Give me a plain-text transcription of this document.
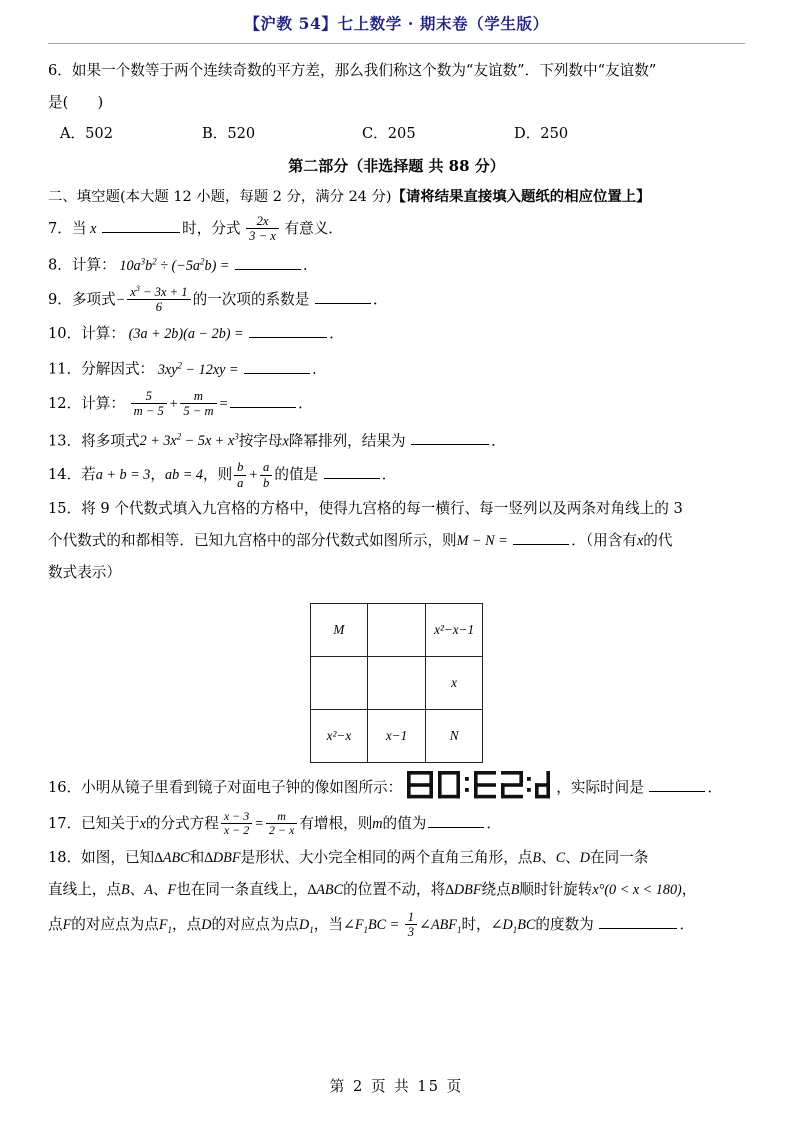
【沪教 54】七上数学 · 期末卷（学生版）
6．如果一个数等于两个连续奇数的平方差，那么我们称这个数为“友谊数”．下列数中“友谊数”
是(　　)
A．502	B．520	C．205	D．250
第二部分（非选择题 共 88 分）
二、填空题(本大题 12 小题，每题 2 分，满分 24 分)【请将结果直接填入题纸的相应位置上】
7．当 x	时，分式 $\frac{2x}{3 - x}$ 有意义．
8．计算： $10a^3b^2 \div (-5a^2b)$ =	．
9．多项式− $\frac{x^3 - 3x + 1}{6}$ 的一次项的系数是	．
10．计算： (3a + 2b)(a − 2b) =	．
11．分解因式： $3xy^2 - 12xy$ =	．
12．计算： $\frac{5}{m - 5} + \frac{m}{5 - m}$ =	．
13．将多项式$2 + 3x^2 - 5x + x^3$按字母x降幂排列，结果为	．
14．若a + b = 3，ab = 4，则 $\frac{b}{a} + \frac{a}{b}$ 的值是	．
15．将 9 个代数式填入九宫格的方格中，使得九宫格的每一横行、每一竖列以及两条对角线上的 3
个代数式的和都相等．已知九宫格中的部分代数式如图所示，则M − N =	．（用含有x的代
数式表示）
M		x²−x−1
		x
x²−x	x−1	N
16．小明从镜子里看到镜子对面电子钟的像如图所示：	，实际时间是	．
17．已知关于x的分式方程 $\frac{x - 3}{x - 2} = \frac{m}{2 - x}$ 有增根，则m的值为	．
18．如图，已知∆ABC和∆DBF是形状、大小完全相同的两个直角三角形，点B、C、D在同一条
直线上，点B、A、F也在同一条直线上，∆ABC的位置不动，将∆DBF绕点B顺时针旋转x°(0 < x < 180)，
点F的对应点为点$F_1$，点D的对应点为点$D_1$，当$\angle F_1BC = \frac{1}{3}$ $\angle ABF_1$时，$\angle D_1BC$的度数为	．
第 2 页 共 15 页
